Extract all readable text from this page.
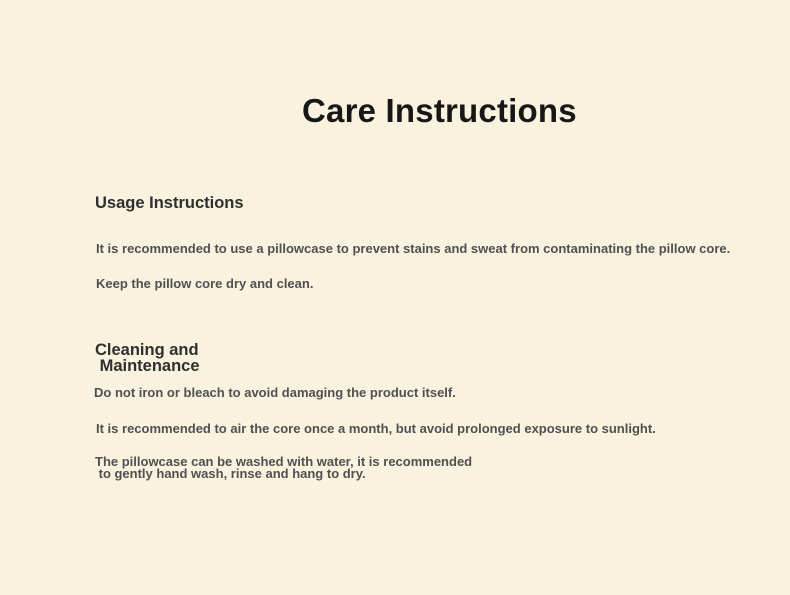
Care Instructions
Usage Instructions

It is recommended to use a pillowcase to prevent stains and sweat from contaminating the pillow core.

Keep the pillow core dry and clean.

Cleaning and
Maintenance

Do not iron or bleach to avoid damaging the product itself.

It is recommended to air the core once a month, but avoid prolonged exposure to sunlight.

The pillowcase can be washed with water, it is recommended
to gently hand wash, rinse and hang to dry.
